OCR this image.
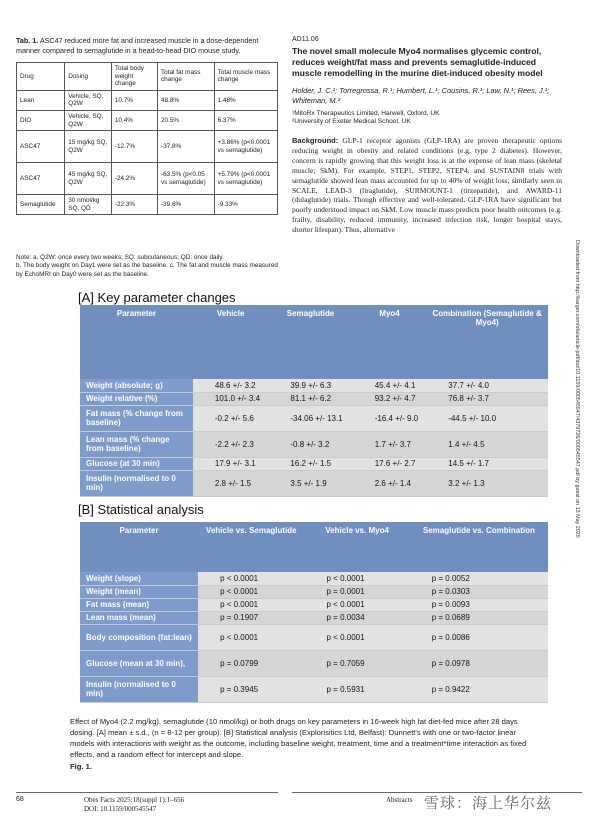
Tab. 1. ASC47 reduced more fat and increased muscle in a dose-dependent manner compared to semaglutide in a head-to-head DIO mouse study.
Drug	Dosing	Total body weight change	Total fat mass change	Total muscle mass change
Lean	Vehicle, SQ, Q2W	10.7%	48.8%	1.48%
DIO	Vehicle, SQ, Q2W	10.4%	20.5%	6.37%
ASC47	15 mg/kg SQ, Q2W	-12.7%	-37.8%	+3.86% (p<0.0001 vs semaglutide)
ASC47	45 mg/kg SQ, Q2W	-24.2%	-63.5% (p<0.05 vs semaglutide)	+5.79% (p<0.0001 vs semaglutide)
Semaglutide	30 nmol/kg SQ, QD	-22.3%	-39.6%	-9.33%
Note: a. Q2W: once every two weeks; SQ: subcutaneous; QD: once daily.
b. The body weight on Day1 were set as the baseline. c. The fat and muscle mass measured by EchoMRI on Day0 were set as the baseline.
AD11.06
The novel small molecule Myo4 normalises glycemic control, reduces weight/fat mass and prevents semaglutide-induced muscle remodelling in the murine diet-induced obesity model
Holder, J. C.¹; Torregrossa, R.¹; Humbert, L.¹; Cousins, R.¹; Law, N.¹; Rees, J.¹; Whiteman, M.²
¹MitoRx Therapeutics Limited, Harwell, Oxford, UK
²University of Exeter Medical School, UK
Background: GLP-1 receptor agonists (GLP-1RA) are proven therapeutic options reducing weight in obesity and related conditions (e.g. type 2 diabetes). However, concern is rapidly growing that this weight loss is at the expense of lean mass (skeletal muscle; SkM). For example, STEP1, STEP2, STEP4, and SUSTAIN8 trials with semaglutide showed lean mass accounted for up to 40% of weight loss; similarly seen in SCALE, LEAD-3 (liraglutide), SURMOUNT-1 (tirzepatide), and AWARD-11 (dulaglutide) trials. Though effective and well-tolerated, GLP-1RA have significant but poorly understood impact on SkM. Low muscle mass predicts poor health outcomes (e.g. frailty, disability, reduced immunity, increased infection risk, longer hospital stays, shorter lifespan). Thus, alternative
Downloaded from http://karger.com/ofa/article-pdf/doi/10.1159/000545547/4379726/000545547.pdf by guest on 13 May 2025
[A] Key parameter changes
Parameter	Vehicle	Semaglutide	Myo4	Combination (Semaglutide & Myo4)
Weight (absolute; g)	48.6 +/- 3.2	39.9 +/- 6.3	45.4 +/- 4.1	37.7 +/- 4.0
Weight relative (%)	101.0 +/- 3.4	81.1 +/- 6.2	93.2 +/- 4.7	76.8 +/- 3.7
Fat mass (% change from baseline)	-0.2 +/- 5.6	-34.06 +/- 13.1	-16.4 +/- 9.0	-44.5 +/- 10.0
Lean mass (% change from baseline)	-2.2 +/- 2.3	-0.8 +/- 3.2	1.7 +/- 3.7	1.4 +/- 4.5
Glucose (at 30 min)	17.9 +/- 3.1	16.2 +/- 1.5	17.6 +/- 2.7	14.5 +/- 1.7
Insulin (normalised to 0 min)	2.8 +/- 1.5	3.5 +/- 1.9	2.6 +/- 1.4	3.2 +/- 1.3
[B] Statistical analysis
Parameter	Vehicle vs. Semaglutide	Vehicle vs. Myo4	Semaglutide vs. Combination
Weight (slope)	p < 0.0001	p < 0.0001	p = 0.0052
Weight (mean)	p < 0.0001	p = 0.0001	p = 0.0303
Fat mass (mean)	p < 0.0001	p < 0.0001	p = 0.0093
Lean mass (mean)	p = 0.1907	p = 0.0034	p = 0.0689
Body composition (fat:lean)	p < 0.0001	p < 0.0001	p = 0.0086
Glucose (mean at 30 min),	p = 0.0799	p = 0.7059	p = 0.0978
Insulin (normalised to 0 min)	p = 0.3945	p = 0.5931	p = 0.9422
Effect of Myo4 (2.2 mg/kg), semaglutide (10 nmol/kg) or both drugs on key parameters in 16-week high fat diet-fed mice after 28 days dosing. [A] mean ± s.d., (n = 8-12 per group). [B] Statistical analysis (Explorisitics Ltd, Belfast): Dunnett's with one or two-factor linear models with interactions with weight as the outcome, including baseline weight, treatment, time and a treatment*time interaction as fixed effects, and a random effect for intercept and slope.
Fig. 1.
68	Obes Facts 2025;18(suppl 1):1–656
DOI: 10.1159/000545547
Abstracts 雪球：海上华尔兹
